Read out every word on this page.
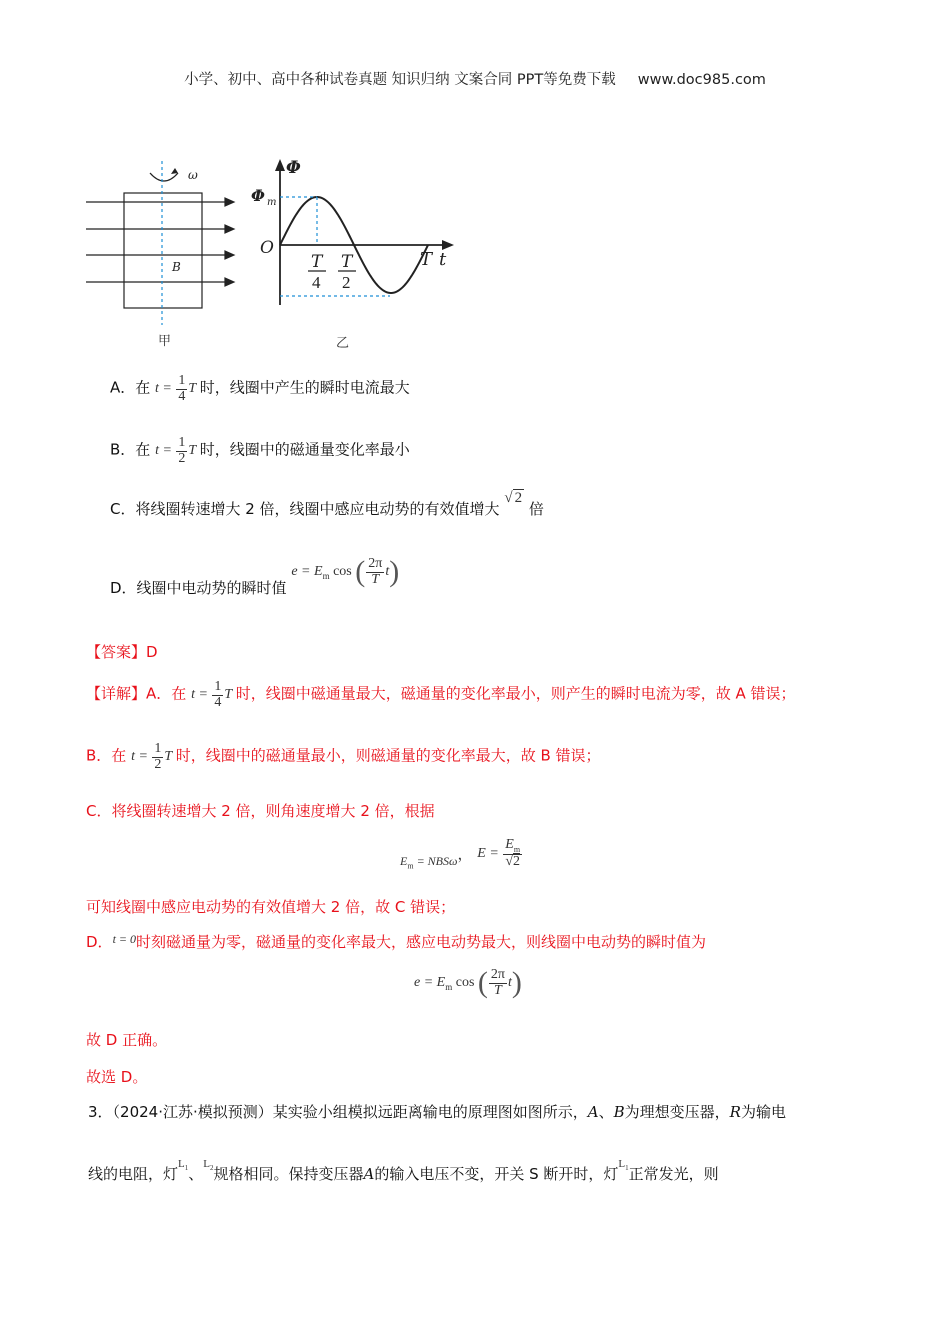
小学、初中、高中各种试卷真题 知识归纳 文案合同 PPT等免费下载 www.doc985.com
ω
B
甲
Φ
Φ m
O
T
4
T
2
T t
乙
A．在 $t = \frac{1}{4}$ T 时，线圈中产生的瞬时电流最大
B．在 $t = \frac{1}{2}$ T 时，线圈中的磁通量变化率最小
C．将线圈转速增大 2 倍，线圈中感应电动势的有效值增大 √ 2 倍
D．线圈中电动势的瞬时值 $e = E_m$ cos ( $\frac{2\pi}{T} t$)
【答案】D
【详解】A．在 $t = \frac{1}{4}$ T 时，线圈中磁通量最大，磁通量的变化率最小，则产生的瞬时电流为零，故 A 错误；
B．在 $t = \frac{1}{2}$ T 时，线圈中的磁通量最小，则磁通量的变化率最大，故 B 错误；
C．将线圈转速增大 2 倍，则角速度增大 2 倍，根据
$_{E_m = NBS\omega}$， $E = \frac{E_m}{√2}$
可知线圈中感应电动势的有效值增大 2 倍，故 C 错误；
D．$^{t = 0}$时刻磁通量为零，磁通量的变化率最大，感应电动势最大，则线圈中电动势的瞬时值为
$e = E_m$ cos ( $\frac{2\pi}{T} t$)
故 D 正确。
故选 D。
3．（2024·江苏·模拟预测）某实验小组模拟远距离输电的原理图如图所示，A、B为理想变压器，R为输电
线的电阻，灯$^{L_1}$、$^{L_2}$规格相同。保持变压器A的输入电压不变，开关 S 断开时，灯$^{L_1}$正常发光，则
